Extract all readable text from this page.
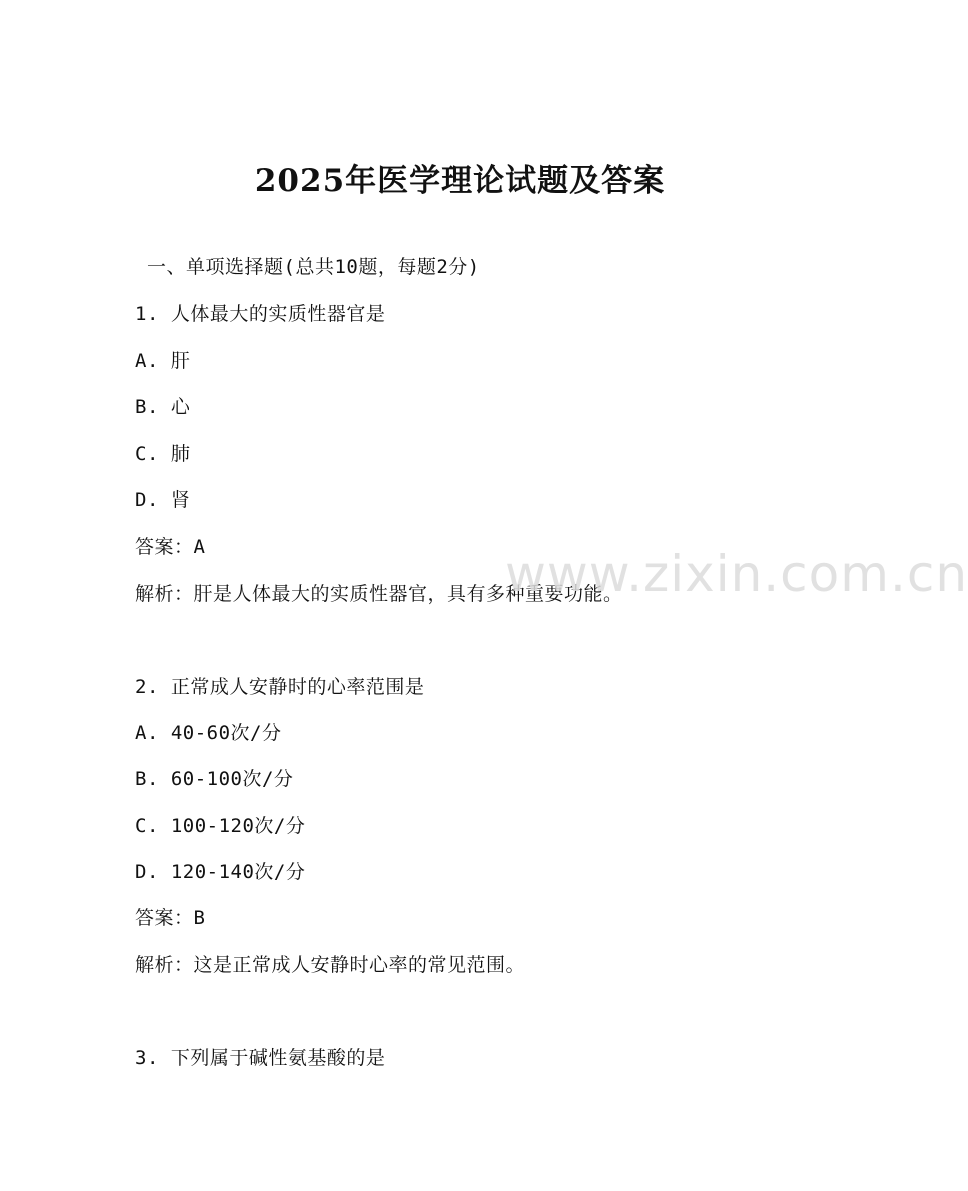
2025年医学理论试题及答案
一、单项选择题(总共10题，每题2分)
1. 人体最大的实质性器官是
A. 肝
B. 心
C. 肺
D. 肾
答案：A
解析：肝是人体最大的实质性器官，具有多种重要功能。
2. 正常成人安静时的心率范围是
A. 40-60次/分
B. 60-100次/分
C. 100-120次/分
D. 120-140次/分
答案：B
解析：这是正常成人安静时心率的常见范围。
3. 下列属于碱性氨基酸的是
www.zixin.com.cn
